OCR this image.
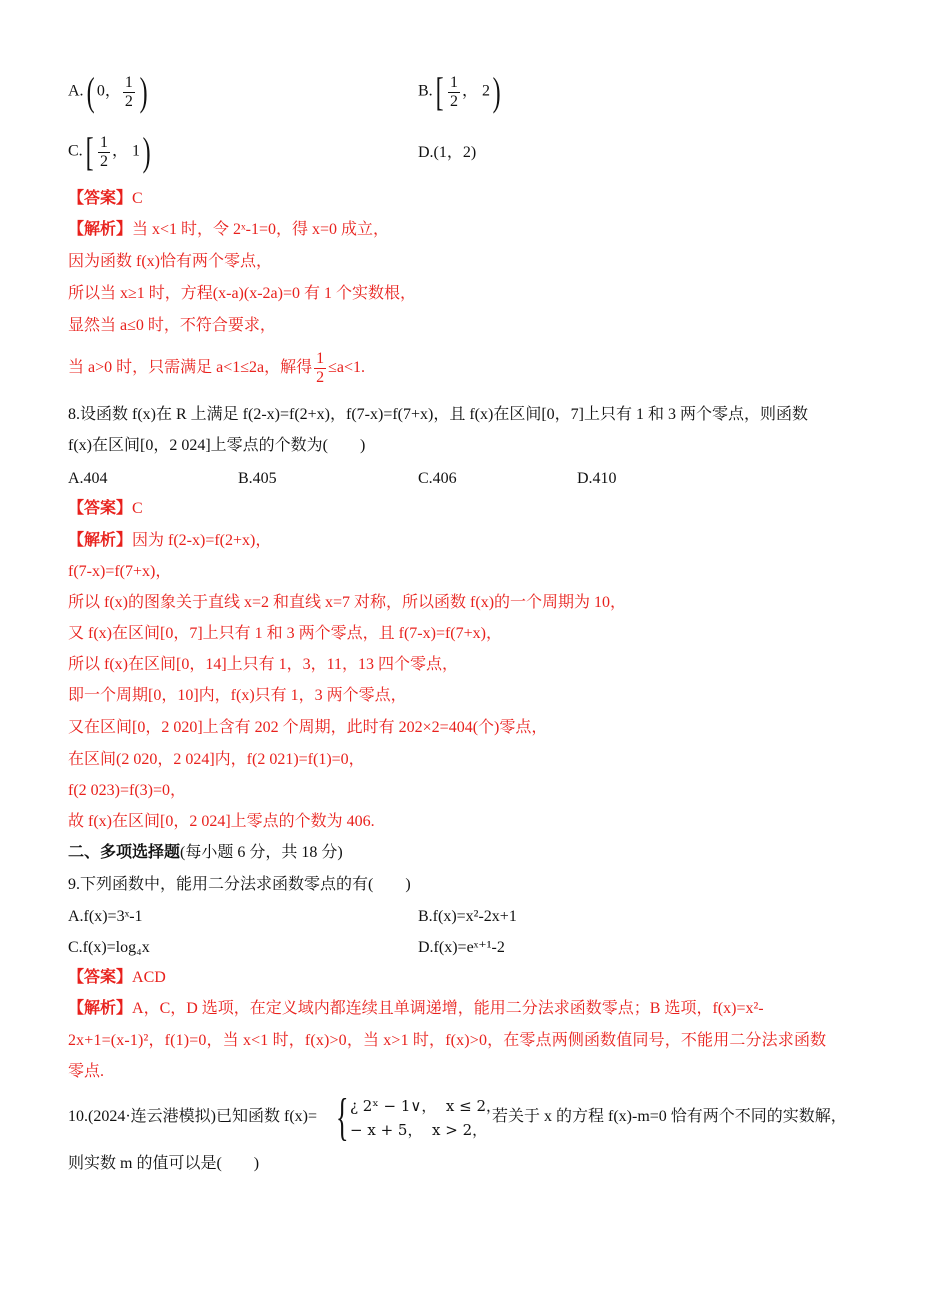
A.( 0， $\frac{1}{2}$ )	$B.[ \frac{1}{2}$ ， 2)
$C.[ \frac{1}{2}$ ， 1)	D.(1，2)
【答案】C
【解析】当 x<1 时，令 2ˣ-1=0，得 x=0 成立，
因为函数 f(x)恰有两个零点，
所以当 x≥1 时，方程(x-a)(x-2a)=0 有 1 个实数根，
显然当 a≤0 时，不符合要求，
当 a>0 时，只需满足 a<1≤2a，解得 $\frac{1}{2} \le a<1$.
8.设函数 f(x)在 R 上满足 f(2-x)=f(2+x)，f(7-x)=f(7+x)，且 f(x)在区间[0，7]上只有 1 和 3 两个零点，则函数
f(x)在区间[0，2 024]上零点的个数为(　　)
A.404	B.405	C.406	D.410
【答案】C
【解析】因为 f(2-x)=f(2+x)，
f(7-x)=f(7+x)，
所以 f(x)的图象关于直线 x=2 和直线 x=7 对称，所以函数 f(x)的一个周期为 10，
又 f(x)在区间[0，7]上只有 1 和 3 两个零点，且 f(7-x)=f(7+x)，
所以 f(x)在区间[0，14]上只有 1，3，11，13 四个零点，
即一个周期[0，10]内，f(x)只有 1，3 两个零点，
又在区间[0，2 020]上含有 202 个周期，此时有 202×2=404(个)零点，
在区间(2 020，2 024]内，f(2 021)=f(1)=0，
f(2 023)=f(3)=0，
故 f(x)在区间[0，2 024]上零点的个数为 406.
二、多项选择题(每小题 6 分，共 18 分)
9.下列函数中，能用二分法求函数零点的有(　　)
A.f(x)=3ˣ-1	B.f(x)=x²-2x+1
C.f(x)=log₄x	D.f(x)=eˣ⁺¹-2
【答案】ACD
【解析】A，C，D 选项，在定义域内都连续且单调递增，能用二分法求函数零点；B 选项，f(x)=x²-
2x+1=(x-1)²，f(1)=0，当 x<1 时，f(x)>0，当 x>1 时，f(x)>0，在零点两侧函数值同号，不能用二分法求函数
零点.
10.(2024·连云港模拟)已知函数 f(x)= { ¿ 2ˣ − 1∨， x ≤ 2，
− x + 5， x > 2，
若关于 x 的方程 f(x)-m=0 恰有两个不同的实数解，
则实数 m 的值可以是(　　)
